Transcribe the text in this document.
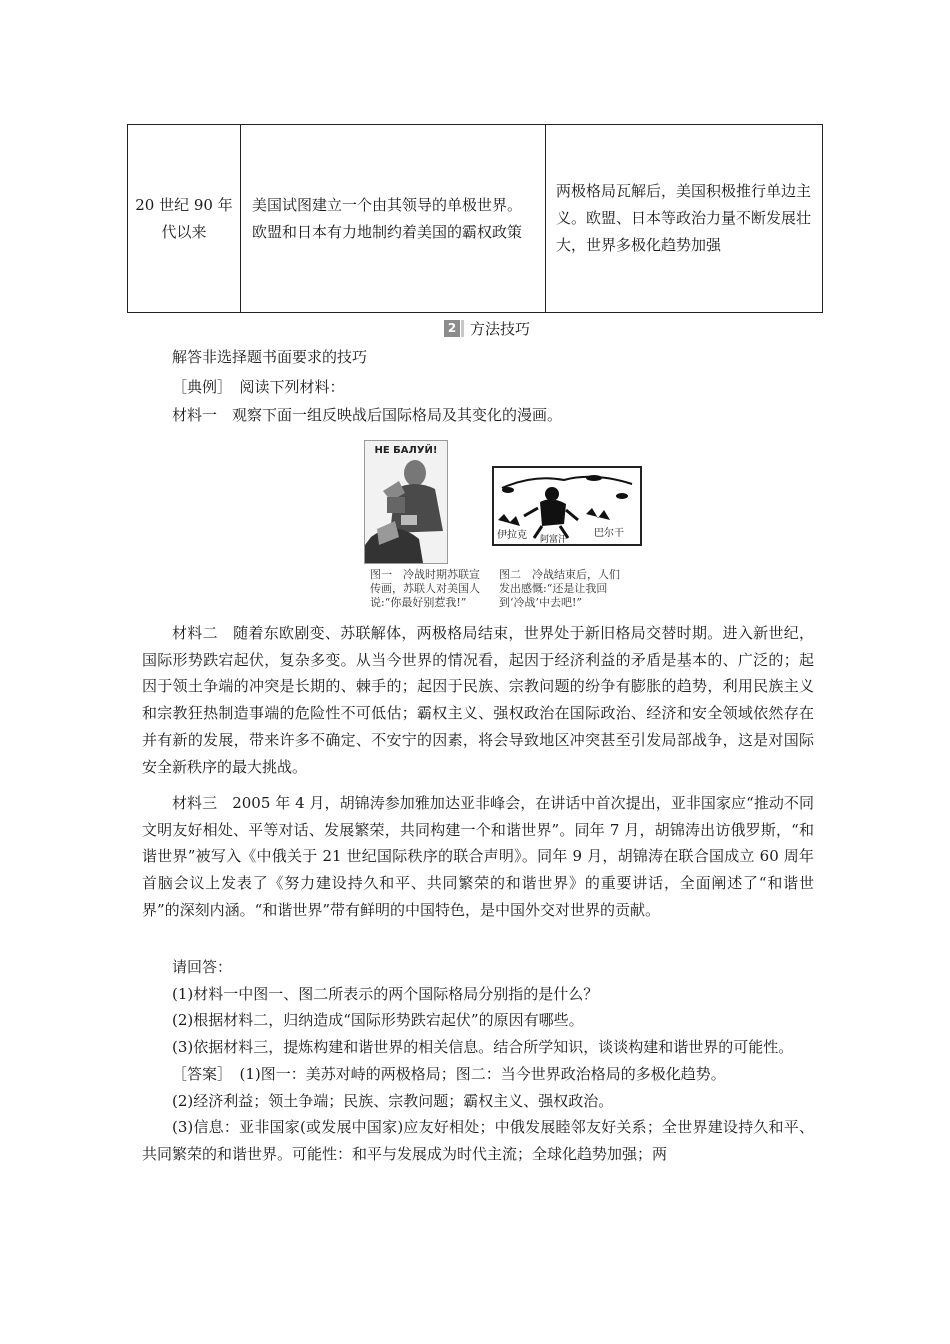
20 世纪 90 年代以来	美国试图建立一个由其领导的单极世界。欧盟和日本有力地制约着美国的霸权政策	两极格局瓦解后，美国积极推行单边主义。欧盟、日本等政治力量不断发展壮大，世界多极化趋势加强
2 方法技巧
解答非选择题书面要求的技巧
［典例］　阅读下列材料：
材料一　观察下面一组反映战后国际格局及其变化的漫画。
НЕ БАЛУЙ!
图一　冷战时期苏联宣
传画，苏联人对美国人
说:“你最好别惹我!”
伊拉克 阿富汗
巴尔干
图二　冷战结束后，人们
发出感慨:“还是让我回
到‘冷战’中去吧!”

材料二　随着东欧剧变、苏联解体，两极格局结束，世界处于新旧格局交替时期。进入新世纪，国际形势跌宕起伏，复杂多变。从当今世界的情况看，起因于经济利益的矛盾是基本的、广泛的；起因于领土争端的冲突是长期的、棘手的；起因于民族、宗教问题的纷争有膨胀的趋势，利用民族主义和宗教狂热制造事端的危险性不可低估；霸权主义、强权政治在国际政治、经济和安全领域依然存在并有新的发展，带来许多不确定、不安宁的因素，将会导致地区冲突甚至引发局部战争，这是对国际安全新秩序的最大挑战。

材料三　2005 年 4 月，胡锦涛参加雅加达亚非峰会，在讲话中首次提出，亚非国家应“推动不同文明友好相处、平等对话、发展繁荣，共同构建一个和谐世界”。同年 7 月，胡锦涛出访俄罗斯，“和谐世界”被写入《中俄关于 21 世纪国际秩序的联合声明》。同年 9 月，胡锦涛在联合国成立 60 周年首脑会议上发表了《努力建设持久和平、共同繁荣的和谐世界》的重要讲话，全面阐述了“和谐世界”的深刻内涵。“和谐世界”带有鲜明的中国特色，是中国外交对世界的贡献。

请回答：

(1)材料一中图一、图二所表示的两个国际格局分别指的是什么？

(2)根据材料二，归纳造成“国际形势跌宕起伏”的原因有哪些。

(3)依据材料三，提炼构建和谐世界的相关信息。结合所学知识，谈谈构建和谐世界的可能性。

［答案］　(1)图一：美苏对峙的两极格局；图二：当今世界政治格局的多极化趋势。

(2)经济利益；领土争端；民族、宗教问题；霸权主义、强权政治。

(3)信息：亚非国家(或发展中国家)应友好相处；中俄发展睦邻友好关系；全世界建设持久和平、共同繁荣的和谐世界。可能性：和平与发展成为时代主流；全球化趋势加强；两
